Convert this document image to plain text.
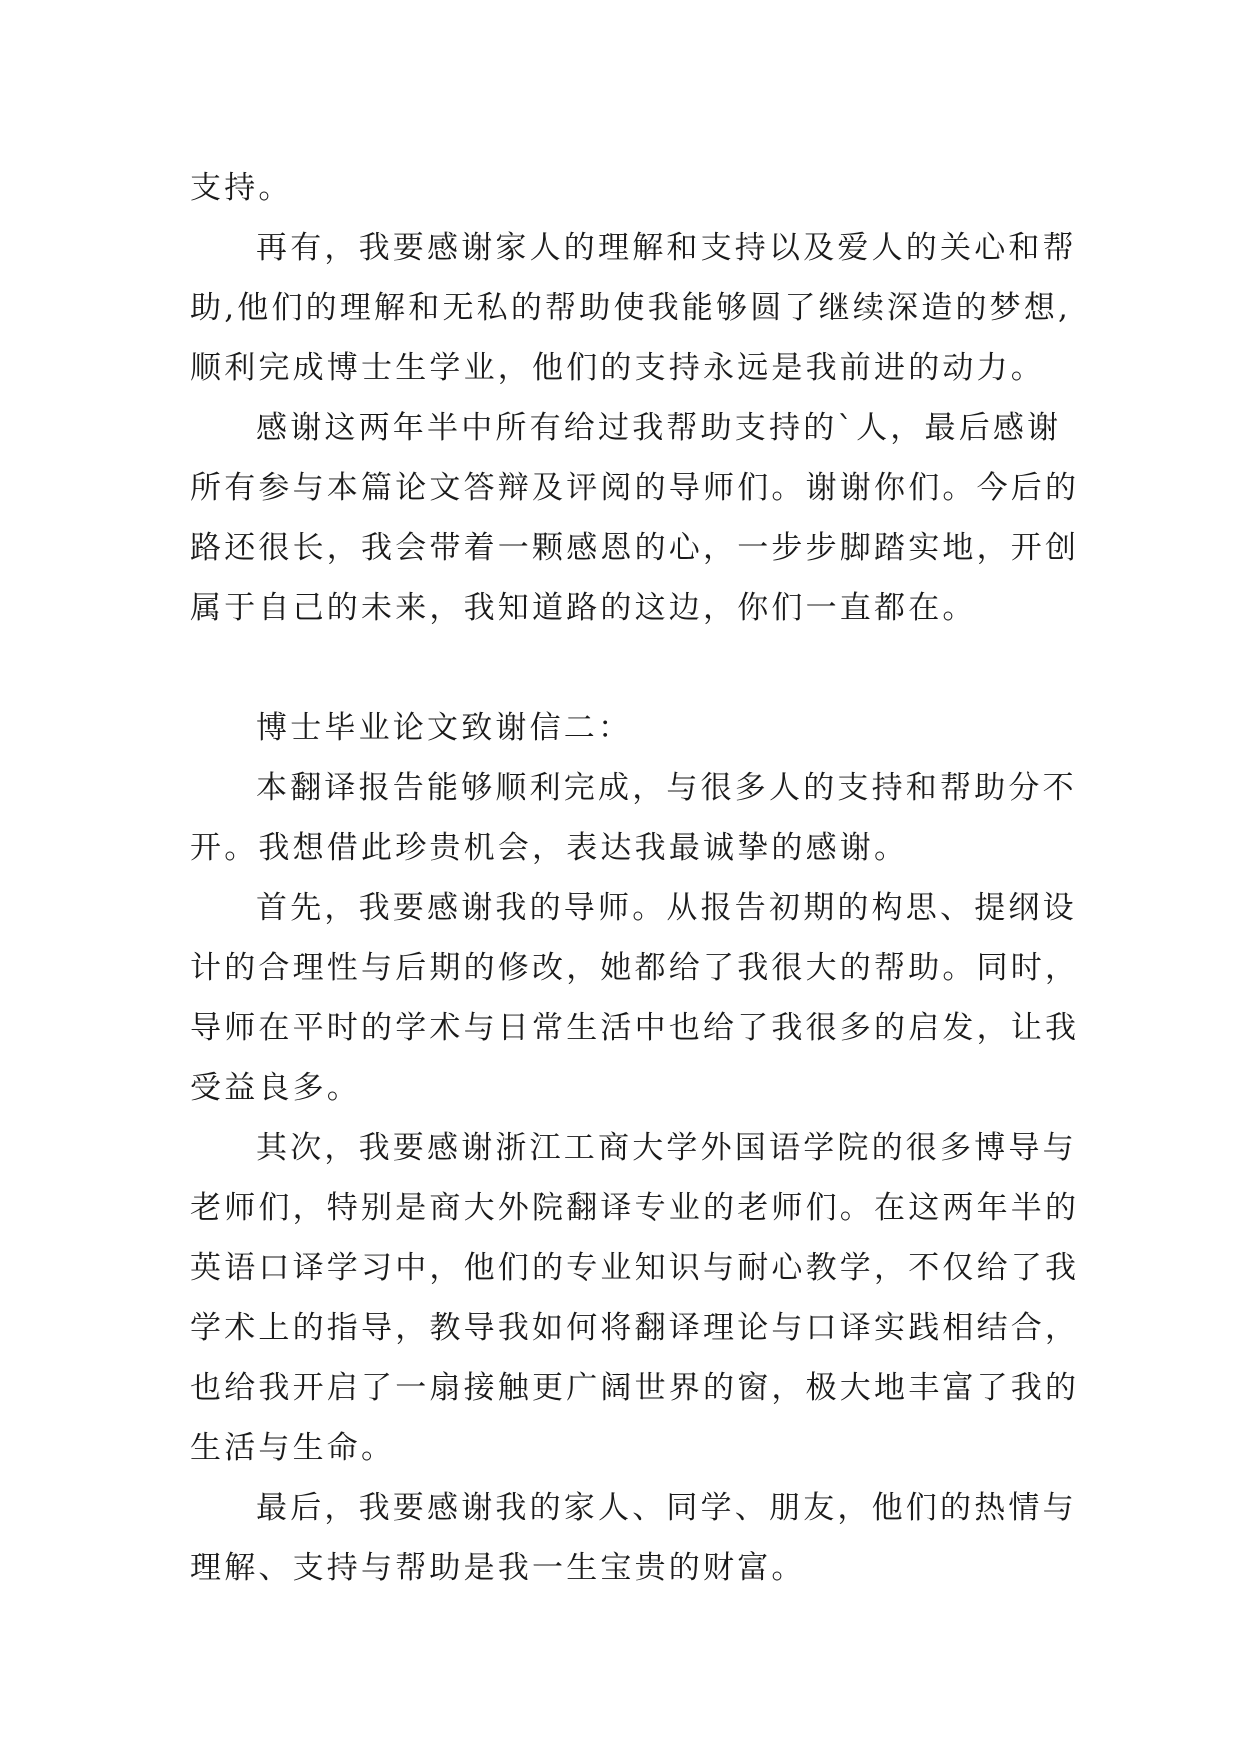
支持。
再有，我要感谢家人的理解和支持以及爱人的关心和帮
助,他们的理解和无私的帮助使我能够圆了继续深造的梦想,
顺利完成博士生学业，他们的支持永远是我前进的动力。
感谢这两年半中所有给过我帮助支持的`人，最后感谢
所有参与本篇论文答辩及评阅的导师们。谢谢你们。今后的
路还很长，我会带着一颗感恩的心，一步步脚踏实地，开创
属于自己的未来，我知道路的这边，你们一直都在。
博士毕业论文致谢信二：
本翻译报告能够顺利完成，与很多人的支持和帮助分不
开。我想借此珍贵机会，表达我最诚挚的感谢。
首先，我要感谢我的导师。从报告初期的构思、提纲设
计的合理性与后期的修改，她都给了我很大的帮助。同时，
导师在平时的学术与日常生活中也给了我很多的启发，让我
受益良多。
其次，我要感谢浙江工商大学外国语学院的很多博导与
老师们，特别是商大外院翻译专业的老师们。在这两年半的
英语口译学习中，他们的专业知识与耐心教学，不仅给了我
学术上的指导，教导我如何将翻译理论与口译实践相结合，
也给我开启了一扇接触更广阔世界的窗，极大地丰富了我的
生活与生命。
最后，我要感谢我的家人、同学、朋友，他们的热情与
理解、支持与帮助是我一生宝贵的财富。
